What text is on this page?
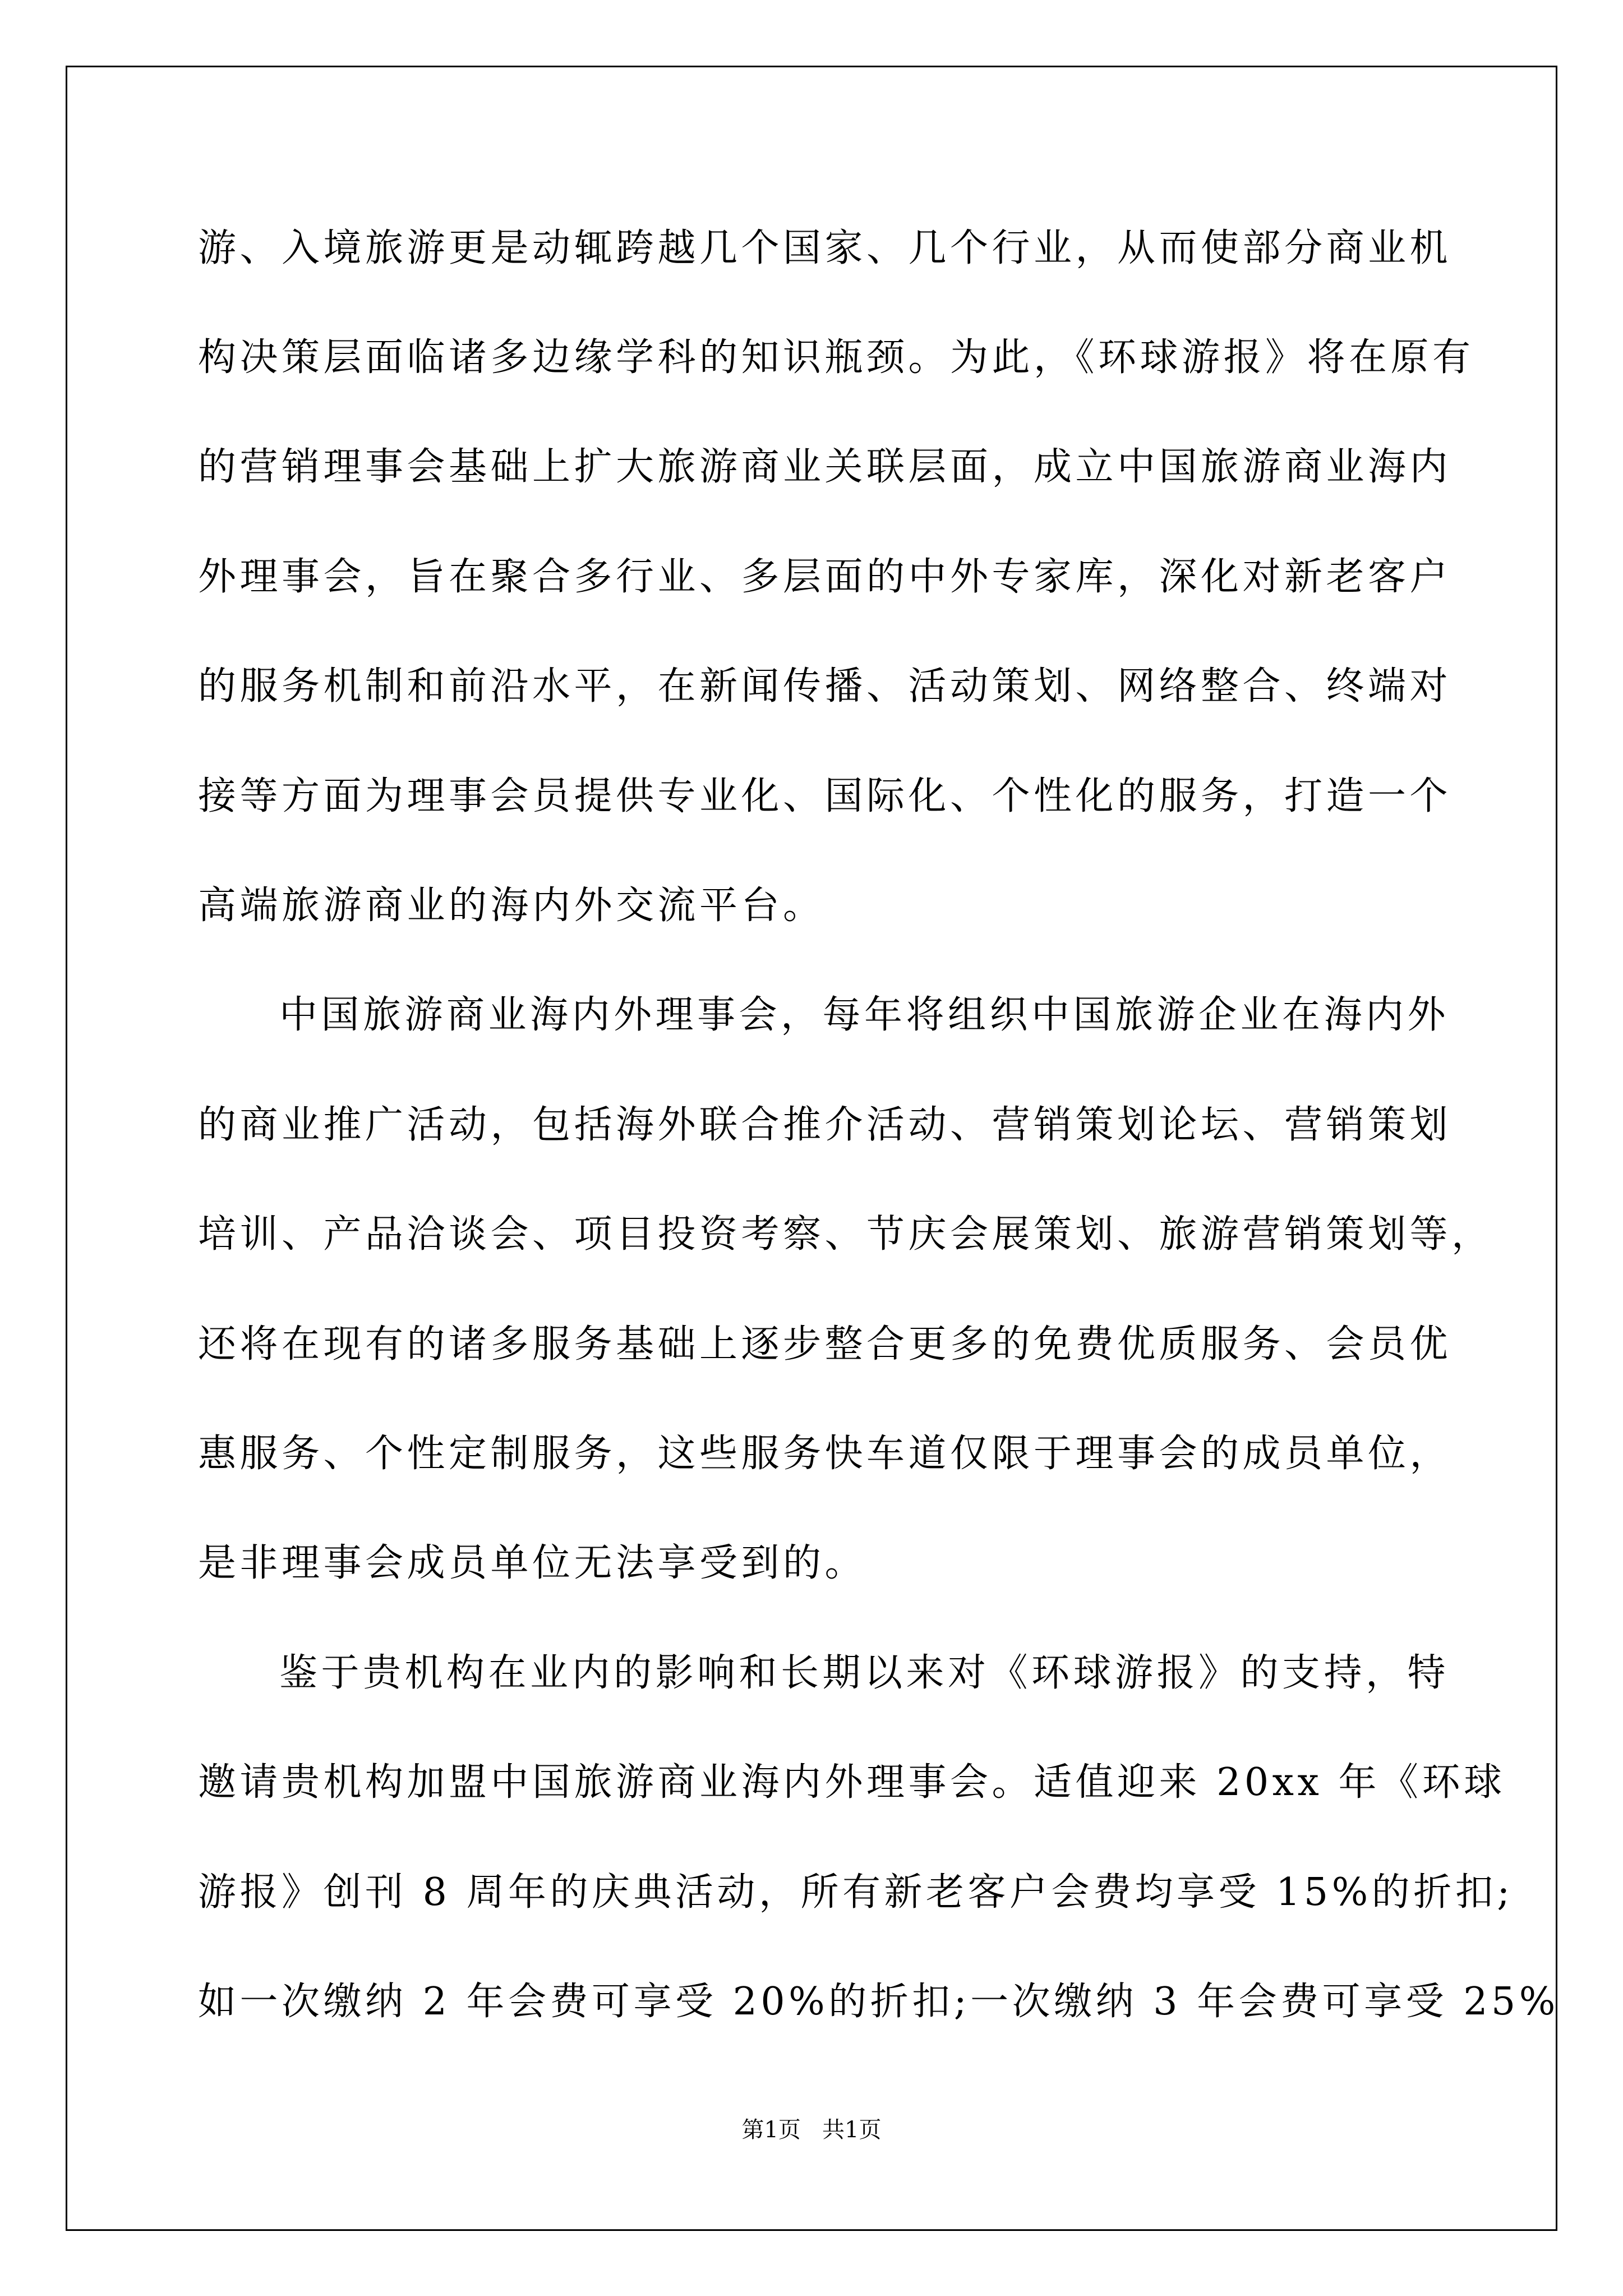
游、入境旅游更是动辄跨越几个国家、几个行业，从而使部分商业机
构决策层面临诸多边缘学科的知识瓶颈。为此，《环球游报》将在原有
的营销理事会基础上扩大旅游商业关联层面，成立中国旅游商业海内
外理事会，旨在聚合多行业、多层面的中外专家库，深化对新老客户
的服务机制和前沿水平，在新闻传播、活动策划、网络整合、终端对
接等方面为理事会员提供专业化、国际化、个性化的服务，打造一个
高端旅游商业的海内外交流平台。
中国旅游商业海内外理事会，每年将组织中国旅游企业在海内外
的商业推广活动，包括海外联合推介活动、营销策划论坛、营销策划
培训、产品洽谈会、项目投资考察、节庆会展策划、旅游营销策划等，
还将在现有的诸多服务基础上逐步整合更多的免费优质服务、会员优
惠服务、个性定制服务，这些服务快车道仅限于理事会的成员单位，
是非理事会成员单位无法享受到的。
鉴于贵机构在业内的影响和长期以来对《环球游报》的支持，特
邀请贵机构加盟中国旅游商业海内外理事会。适值迎来 20xx 年《环球
游报》创刊 8 周年的庆典活动，所有新老客户会费均享受 15%的折扣;
如一次缴纳 2 年会费可享受 20%的折扣;一次缴纳 3 年会费可享受 25%
第1页   共1页
